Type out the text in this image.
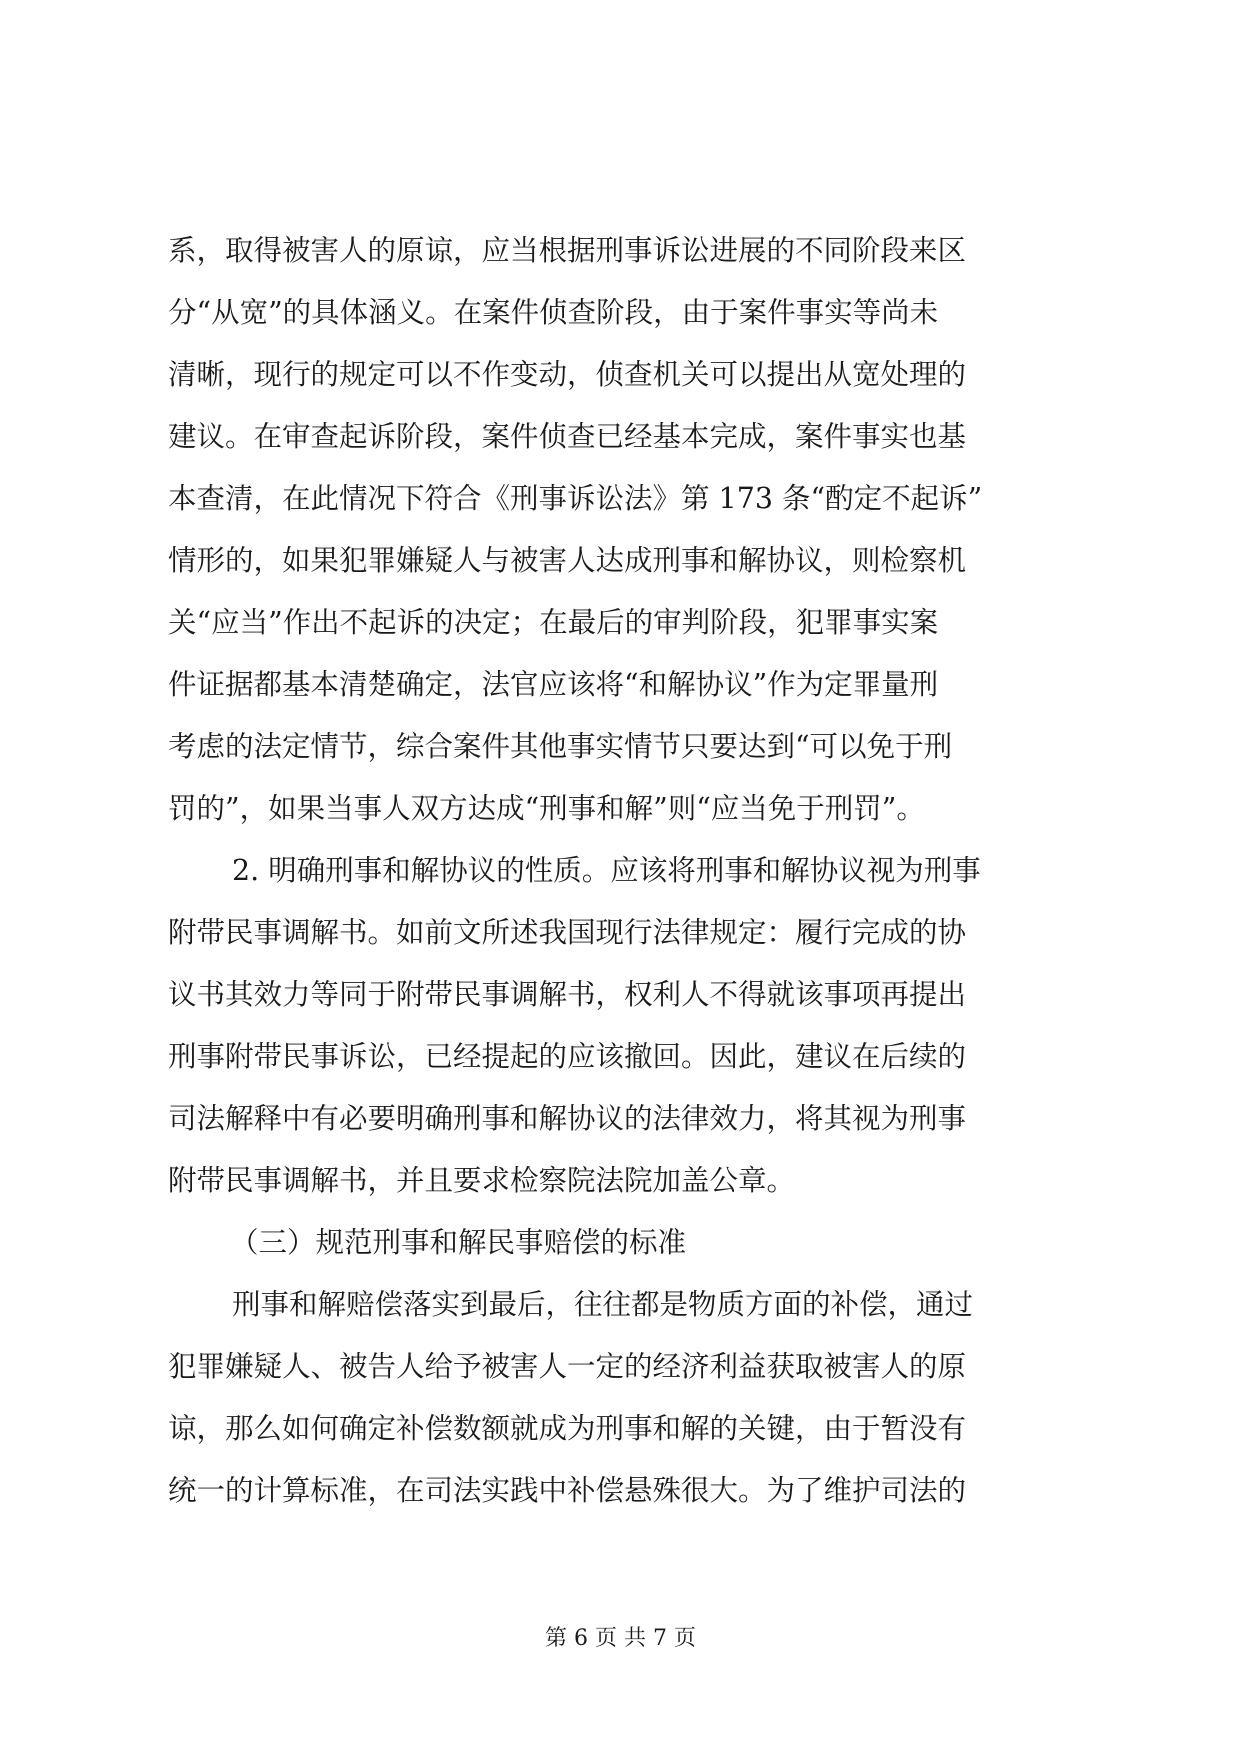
系，取得被害人的原谅，应当根据刑事诉讼进展的不同阶段来区
分“从宽”的具体涵义。在案件侦查阶段，由于案件事实等尚未
清晰，现行的规定可以不作变动，侦查机关可以提出从宽处理的
建议。在审查起诉阶段，案件侦查已经基本完成，案件事实也基
本查清，在此情况下符合《刑事诉讼法》第 173 条“酌定不起诉”
情形的，如果犯罪嫌疑人与被害人达成刑事和解协议，则检察机
关“应当”作出不起诉的决定；在最后的审判阶段，犯罪事实案
件证据都基本清楚确定，法官应该将“和解协议”作为定罪量刑
考虑的法定情节，综合案件其他事实情节只要达到“可以免于刑
罚的”，如果当事人双方达成“刑事和解”则“应当免于刑罚”。
2. 明确刑事和解协议的性质。应该将刑事和解协议视为刑事
附带民事调解书。如前文所述我国现行法律规定：履行完成的协
议书其效力等同于附带民事调解书，权利人不得就该事项再提出
刑事附带民事诉讼，已经提起的应该撤回。因此，建议在后续的
司法解释中有必要明确刑事和解协议的法律效力，将其视为刑事
附带民事调解书，并且要求检察院法院加盖公章。
（三）规范刑事和解民事赔偿的标准
刑事和解赔偿落实到最后，往往都是物质方面的补偿，通过
犯罪嫌疑人、被告人给予被害人一定的经济利益获取被害人的原
谅，那么如何确定补偿数额就成为刑事和解的关键，由于暂没有
统一的计算标准，在司法实践中补偿悬殊很大。为了维护司法的
第 6 页 共 7 页
